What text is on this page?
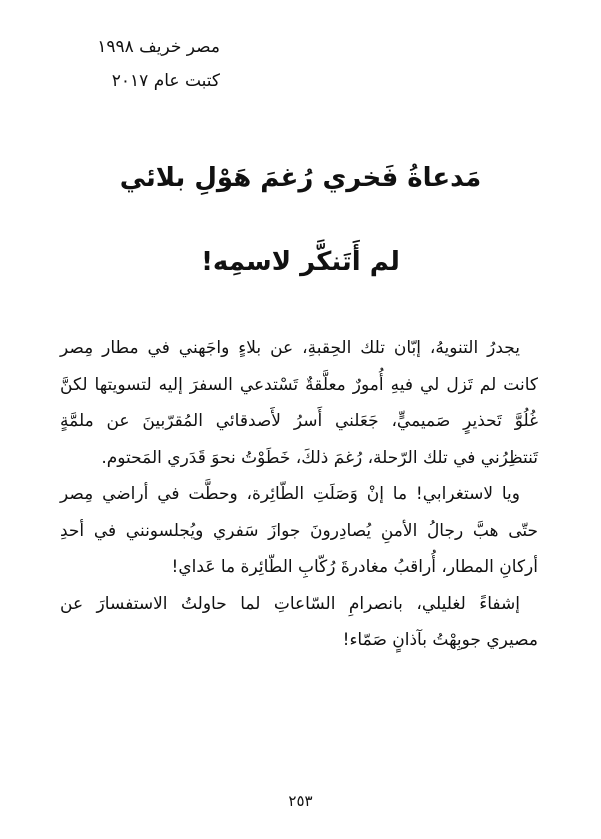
مصر خريف ١٩٩٨
كتبت عام ٢٠١٧
مَدعاةُ فَخري رُغمَ هَوْلِ بلائي
لم أَتَنكَّر لاسمِه!

يجدرُ التنويهُ، إبّان تلك الحِقبةِ، عن بلاءٍ واجَهني في مطار مِصر كانت لم تَزل لي فيهِ أُمورٌ معلَّقةٌ تَسْتدعي السفرَ إليه لتسويتها لكنَّ غُلُوَّ تَحذيرٍ صَميميٍّ، جَعَلني أَسرُ لأَصدقائي المُقرّبينَ عن ملمَّةٍ تَنتظِرُني في تلك الرّحلة، رُغمَ ذلكَ، خَطَوْتُ نحوَ قَدَري المَحتوم.

ويا لاستغرابي! ما إنْ وَصَلَتِ الطّائِرة، وحطَّت في أراضي مِصر حتّى هبَّ رجالُ الأمنِ يُصادِرونَ جوازَ سَفري ويُجلسونني في أحدِ أركانِ المطار، أُراقبُ مغادرةَ رُكّابِ الطّائِرة ما عَداي!

إشفاءً لغليلي، بانصرامِ السّاعاتِ لما حاولتُ الاستفسارَ عن مصيري جوبِهْتُ بآذانٍ صَمّاء!

٢٥٣
